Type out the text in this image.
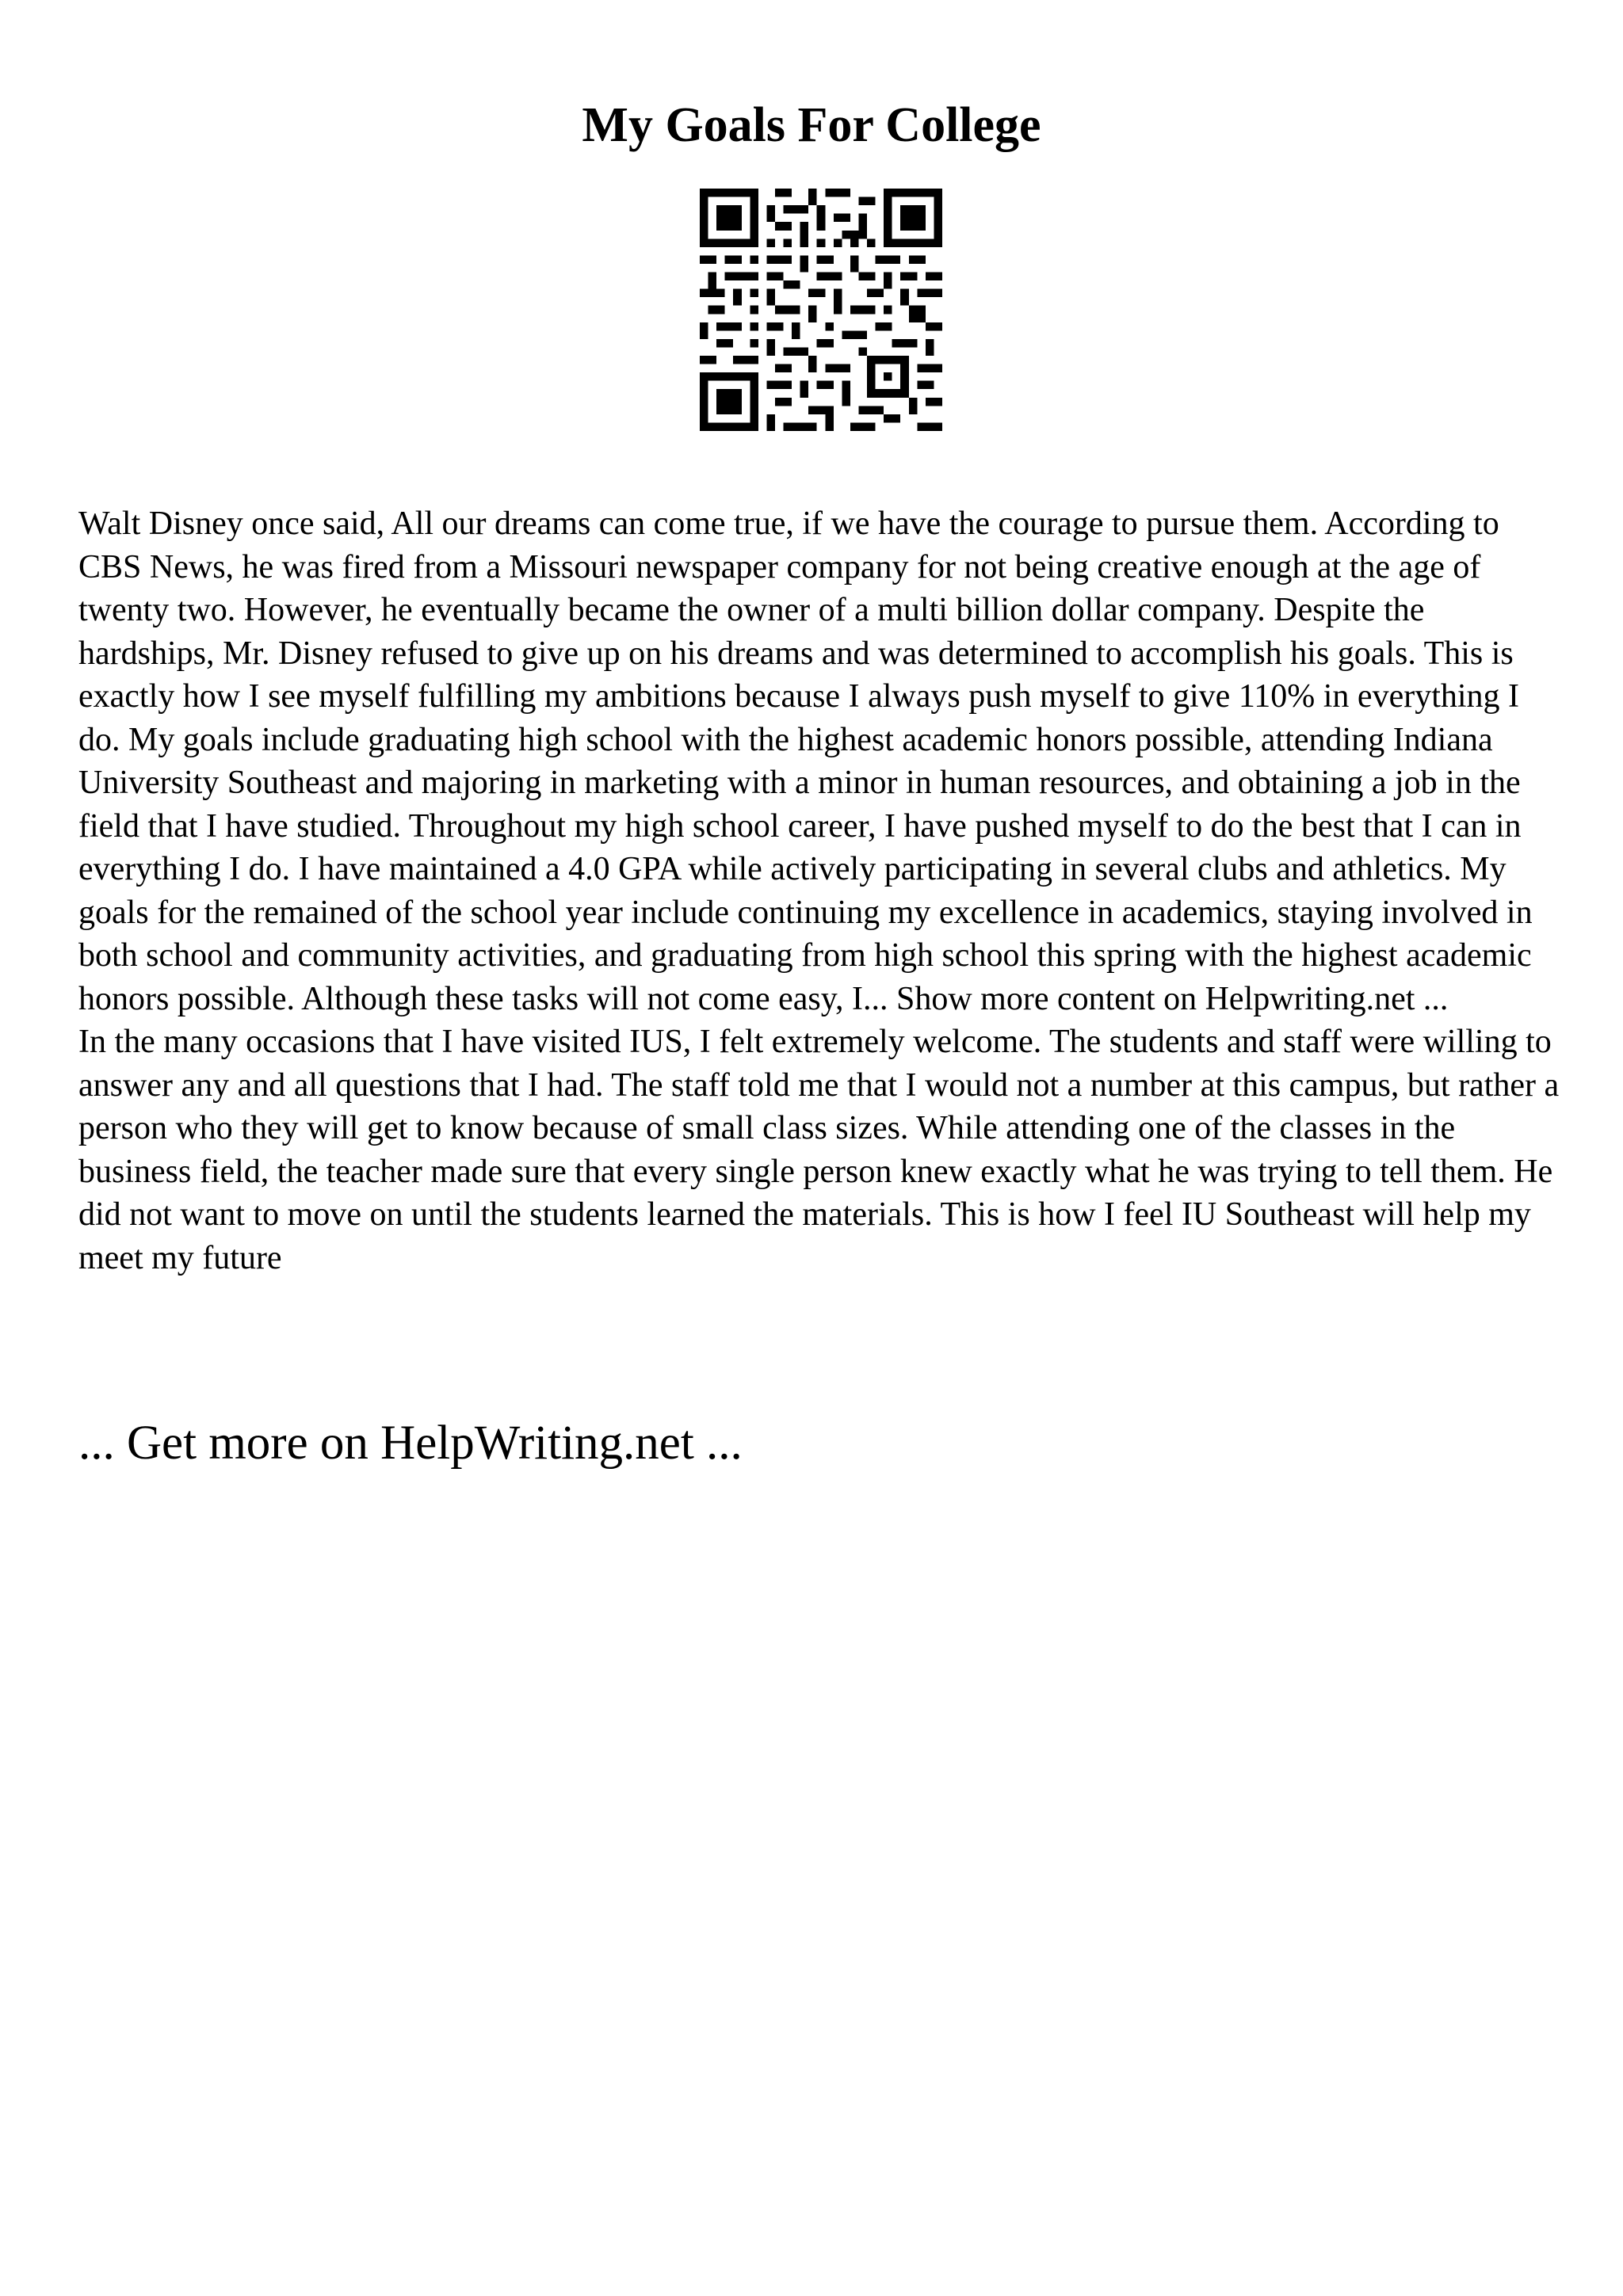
My Goals For College

Walt Disney once said, All our dreams can come true, if we have the courage to pursue them. According to CBS News, he was fired from a Missouri newspaper company for not being creative enough at the age of twenty two. However, he eventually became the owner of a multi billion dollar company. Despite the hardships, Mr. Disney refused to give up on his dreams and was determined to accomplish his goals. This is exactly how I see myself fulfilling my ambitions because I always push myself to give 110% in everything I do. My goals include graduating high school with the highest academic honors possible, attending Indiana University Southeast and majoring in marketing with a minor in human resources, and obtaining a job in the field that I have studied. Throughout my high school career, I have pushed myself to do the best that I can in everything I do. I have maintained a 4.0 GPA while actively participating in several clubs and athletics. My goals for the remained of the school year include continuing my excellence in academics, staying involved in both school and community activities, and graduating from high school this spring with the highest academic honors possible. Although these tasks will not come easy, I... Show more content on Helpwriting.net ...

In the many occasions that I have visited IUS, I felt extremely welcome. The students and staff were willing to answer any and all questions that I had. The staff told me that I would not a number at this campus, but rather a person who they will get to know because of small class sizes. While attending one of the classes in the business field, the teacher made sure that every single person knew exactly what he was trying to tell them. He did not want to move on until the students learned the materials. This is how I feel IU Southeast will help my meet my future

... Get more on HelpWriting.net ...
